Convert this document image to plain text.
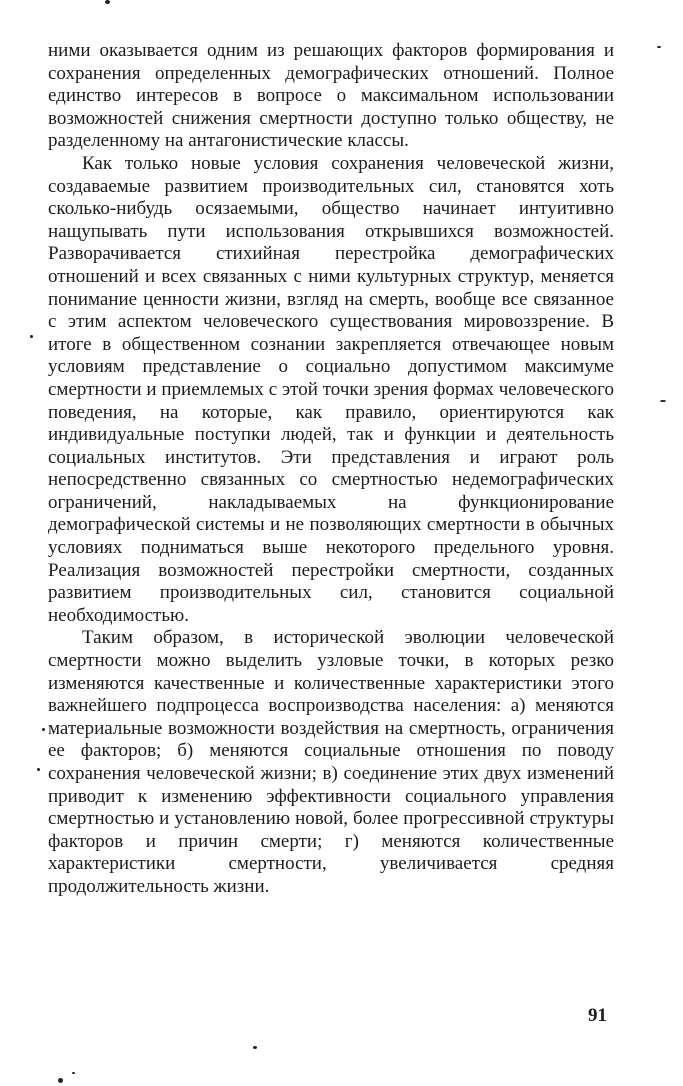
ними оказывается одним из решающих факторов формирования и сохранения определенных демографических отношений. Полное единство интересов в вопросе о максимальном использовании возможностей снижения смертности доступно только обществу, не разделенному на антагонистические классы.

Как только новые условия сохранения человеческой жизни, создаваемые развитием производительных сил, становятся хоть сколько-нибудь осязаемыми, общество начинает интуитивно нащупывать пути использования открывшихся возможностей. Разворачивается стихийная перестройка демографических отношений и всех связанных с ними культурных структур, меняется понимание ценности жизни, взгляд на смерть, вообще все связанное с этим аспектом человеческого существования мировоззрение. В итоге в общественном сознании закрепляется отвечающее новым условиям представление о социально допустимом максимуме смертности и приемлемых с этой точки зрения формах человеческого поведения, на которые, как правило, ориентируются как индивидуальные поступки людей, так и функции и деятельность социальных институтов. Эти представления и играют роль непосредственно связанных со смертностью недемографических ограничений, накладываемых на функционирование демографической системы и не позволяющих смертности в обычных условиях подниматься выше некоторого предельного уровня. Реализация возможностей перестройки смертности, созданных развитием производительных сил, становится социальной необходимостью.

Таким образом, в исторической эволюции человеческой смертности можно выделить узловые точки, в которых резко изменяются качественные и количественные характеристики этого важнейшего подпроцесса воспроизводства населения: а) меняются материальные возможности воздействия на смертность, ограничения ее факторов; б) меняются социальные отношения по поводу сохранения человеческой жизни; в) соединение этих двух изменений приводит к изменению эффективности социального управления смертностью и установлению новой, более прогрессивной структуры факторов и причин смерти; г) меняются количественные характеристики смертности, увеличивается средняя продолжительность жизни.

91
